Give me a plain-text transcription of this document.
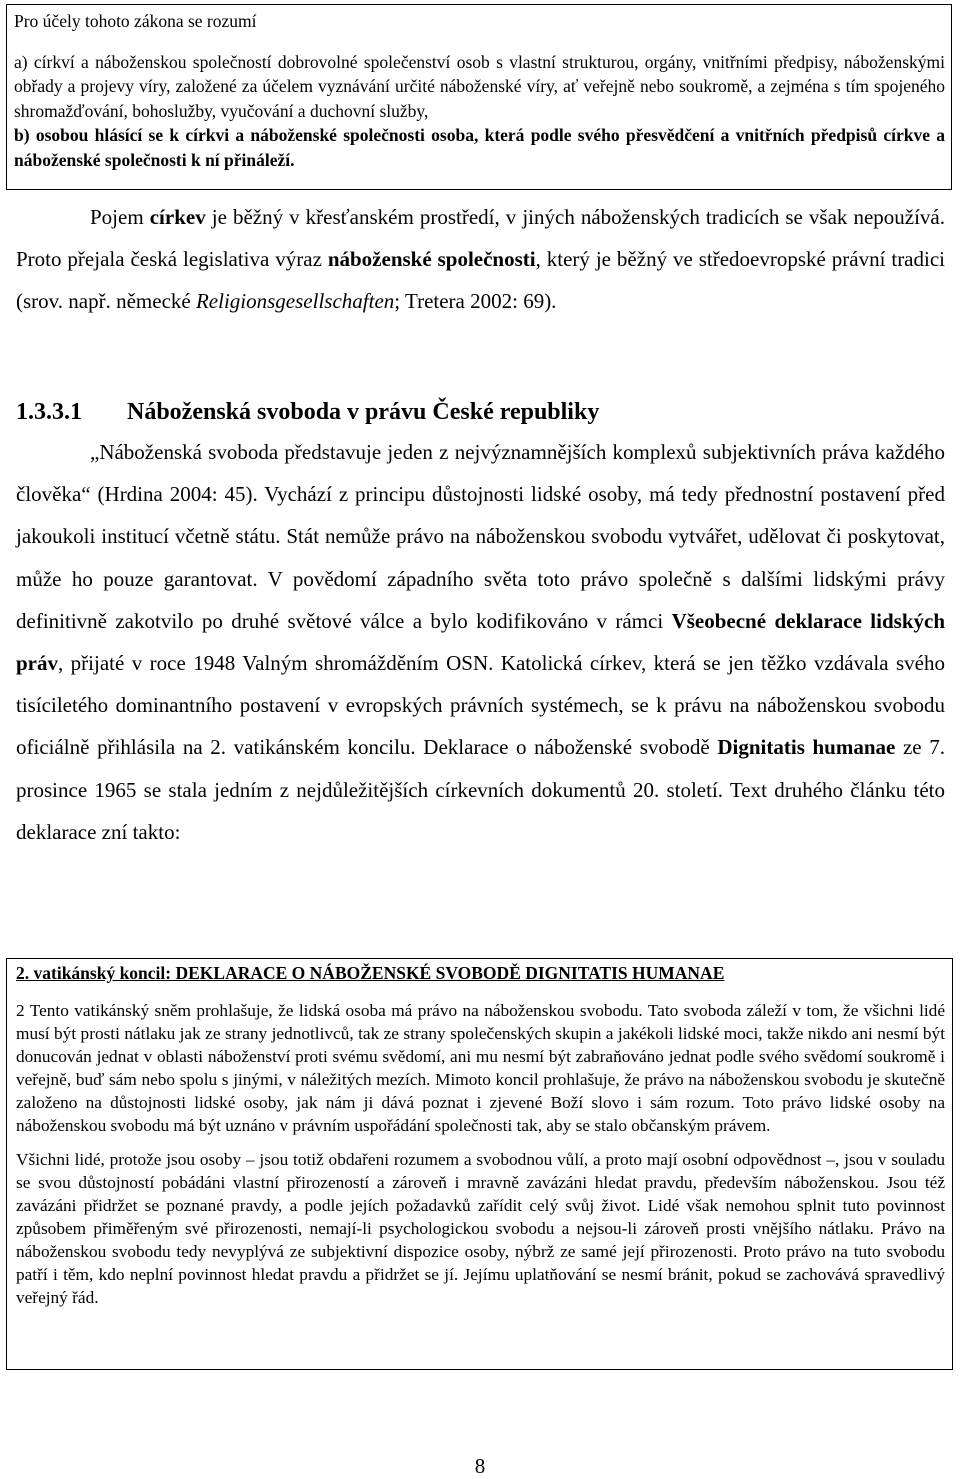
Pro účely tohoto zákona se rozumí

a) církví a náboženskou společností dobrovolné společenství osob s vlastní strukturou, orgány, vnitřními předpisy, náboženskými obřady a projevy víry, založené za účelem vyznávání určité náboženské víry, ať veřejně nebo soukromě, a zejména s tím spojeného shromažďování, bohoslužby, vyučování a duchovní služby,

b) osobou hlásící se k církvi a náboženské společnosti osoba, která podle svého přesvědčení a vnitřních předpisů církve a náboženské společnosti k ní přináleží.

Pojem církev je běžný v křesťanském prostředí, v jiných náboženských tradicích se však nepoužívá. Proto přejala česká legislativa výraz náboženské společnosti, který je běžný ve středoevropské právní tradici (srov. např. německé Religionsgesellschaften; Tretera 2002: 69).

1.3.3.1 Náboženská svoboda v právu České republiky

„Náboženská svoboda představuje jeden z nejvýznamnějších komplexů subjektivních práva každého člověka“ (Hrdina 2004: 45). Vychází z principu důstojnosti lidské osoby, má tedy přednostní postavení před jakoukoli institucí včetně státu. Stát nemůže právo na náboženskou svobodu vytvářet, udělovat či poskytovat, může ho pouze garantovat. V povědomí západního světa toto právo společně s dalšími lidskými právy definitivně zakotvilo po druhé světové válce a bylo kodifikováno v rámci Všeobecné deklarace lidských práv, přijaté v roce 1948 Valným shromážděním OSN. Katolická církev, která se jen těžko vzdávala svého tisíciletého dominantního postavení v evropských právních systémech, se k právu na náboženskou svobodu oficiálně přihlásila na 2. vatikánském koncilu. Deklarace o náboženské svobodě Dignitatis humanae ze 7. prosince 1965 se stala jedním z nejdůležitějších církevních dokumentů 20. století. Text druhého článku této deklarace zní takto:

2. vatikánský koncil: DEKLARACE O NÁBOŽENSKÉ SVOBODĚ DIGNITATIS HUMANAE

2 Tento vatikánský sněm prohlašuje, že lidská osoba má právo na náboženskou svobodu. Tato svoboda záleží v tom, že všichni lidé musí být prosti nátlaku jak ze strany jednotlivců, tak ze strany společenských skupin a jakékoli lidské moci, takže nikdo ani nesmí být donucován jednat v oblasti náboženství proti svému svědomí, ani mu nesmí být zabraňováno jednat podle svého svědomí soukromě i veřejně, buď sám nebo spolu s jinými, v náležitých mezích. Mimoto koncil prohlašuje, že právo na náboženskou svobodu je skutečně založeno na důstojnosti lidské osoby, jak nám ji dává poznat i zjevené Boží slovo i sám rozum. Toto právo lidské osoby na náboženskou svobodu má být uznáno v právním uspořádání společnosti tak, aby se stalo občanským právem.

Všichni lidé, protože jsou osoby – jsou totiž obdařeni rozumem a svobodnou vůlí, a proto mají osobní odpovědnost –, jsou v souladu se svou důstojností pobádáni vlastní přirozeností a zároveň i mravně zavázáni hledat pravdu, především náboženskou. Jsou též zavázáni přidržet se poznané pravdy, a podle jejích požadavků zařídit celý svůj život. Lidé však nemohou splnit tuto povinnost způsobem přiměřeným své přirozenosti, nemají-li psychologickou svobodu a nejsou-li zároveň prosti vnějšího nátlaku. Právo na náboženskou svobodu tedy nevyplývá ze subjektivní dispozice osoby, nýbrž ze samé její přirozenosti. Proto právo na tuto svobodu patří i těm, kdo neplní povinnost hledat pravdu a přidržet se jí. Jejímu uplatňování se nesmí bránit, pokud se zachovává spravedlivý veřejný řád.

8
